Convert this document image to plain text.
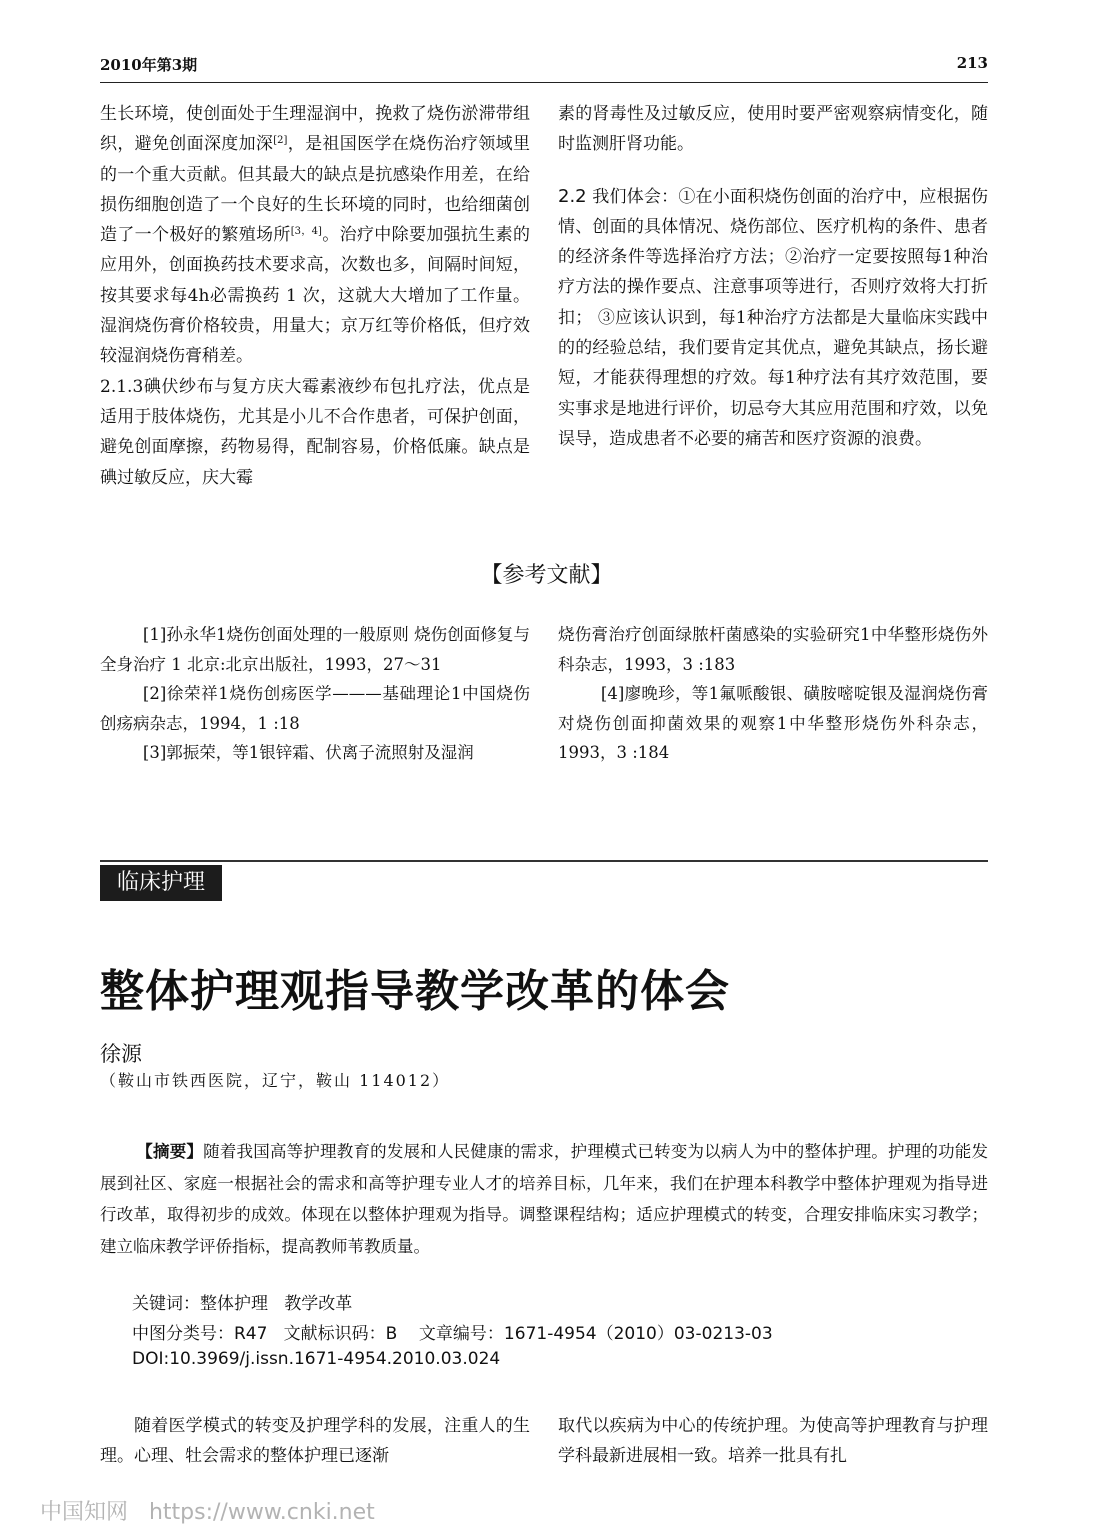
2010年第3期	213

生长环境，使创面处于生理湿润中，挽救了烧伤淤滞带组织，避免创面深度加深[2]，是祖国医学在烧伤治疗领域里的一个重大贡献。但其最大的缺点是抗感染作用差，在给损伤细胞创造了一个良好的生长环境的同时，也给细菌创造了一个极好的繁殖场所[3，4]。治疗中除要加强抗生素的应用外，创面换药技术要求高，次数也多，间隔时间短，按其要求每4h必需换药 1 次，这就大大增加了工作量。湿润烧伤膏价格较贵，用量大；京万红等价格低，但疗效较湿润烧伤膏稍差。

2.1.3碘伏纱布与复方庆大霉素液纱布包扎疗法，优点是适用于肢体烧伤，尤其是小儿不合作患者，可保护创面，避免创面摩擦，药物易得，配制容易，价格低廉。缺点是碘过敏反应，庆大霉

素的肾毒性及过敏反应，使用时要严密观察病情变化，随时监测肝肾功能。

2.2 我们体会：①在小面积烧伤创面的治疗中，应根据伤情、创面的具体情况、烧伤部位、医疗机构的条件、患者的经济条件等选择治疗方法；②治疗一定要按照每1种治疗方法的操作要点、注意事项等进行，否则疗效将大打折扣； ③应该认识到，每1种治疗方法都是大量临床实践中的的经验总结，我们要肯定其优点，避免其缺点，扬长避短，才能获得理想的疗效。每1种疗法有其疗效范围，要实事求是地进行评价，切忌夸大其应用范围和疗效，以免误导，造成患者不必要的痛苦和医疗资源的浪费。

【参考文献】

[1]孙永华1烧伤创面处理的一般原则 烧伤创面修复与全身治疗 1 北京:北京出版社，1993，27～31

[2]徐荣祥1烧伤创疡医学———基础理论1中国烧伤创疡病杂志，1994，1 :18

[3]郭振荣，等1银锌霜、伏离子流照射及湿润

烧伤膏治疗创面绿脓杆菌感染的实验研究1中华整形烧伤外科杂志，1993，3 :183

[4]廖晚珍，等1氟哌酸银、磺胺嘧啶银及湿润烧伤膏对烧伤创面抑菌效果的观察1中华整形烧伤外科杂志，1993，3 :184

临床护理
整体护理观指导教学改革的体会
徐源
（鞍山市铁西医院，辽宁，鞍山 114012）
【摘要】随着我国高等护理教育的发展和人民健康的需求，护理模式已转变为以病人为中的整体护理。护理的功能发展到社区、家庭一根据社会的需求和高等护理专业人才的培养目标，几年来，我们在护理本科教学中整体护理观为指导进行改革，取得初步的成效。体现在以整体护理观为指导。调整课程结构；适应护理模式的转变，合理安排临床实习教学；建立临床教学评侨指标，提高教师苇教质量。
关键词：整体护理   教学改革
中图分类号：R47   文献标识码：B    文章编号：1671-4954（2010）03-0213-03
DOI:10.3969/j.issn.1671-4954.2010.03.024

随着医学模式的转变及护理学科的发展，注重人的生理。心理、牡会需求的整体护理已逐渐

取代以疾病为中心的传统护理。为使高等护理教育与护理学科最新进展相一致。培养一批具有扎

中国知网   https://www.cnki.net
